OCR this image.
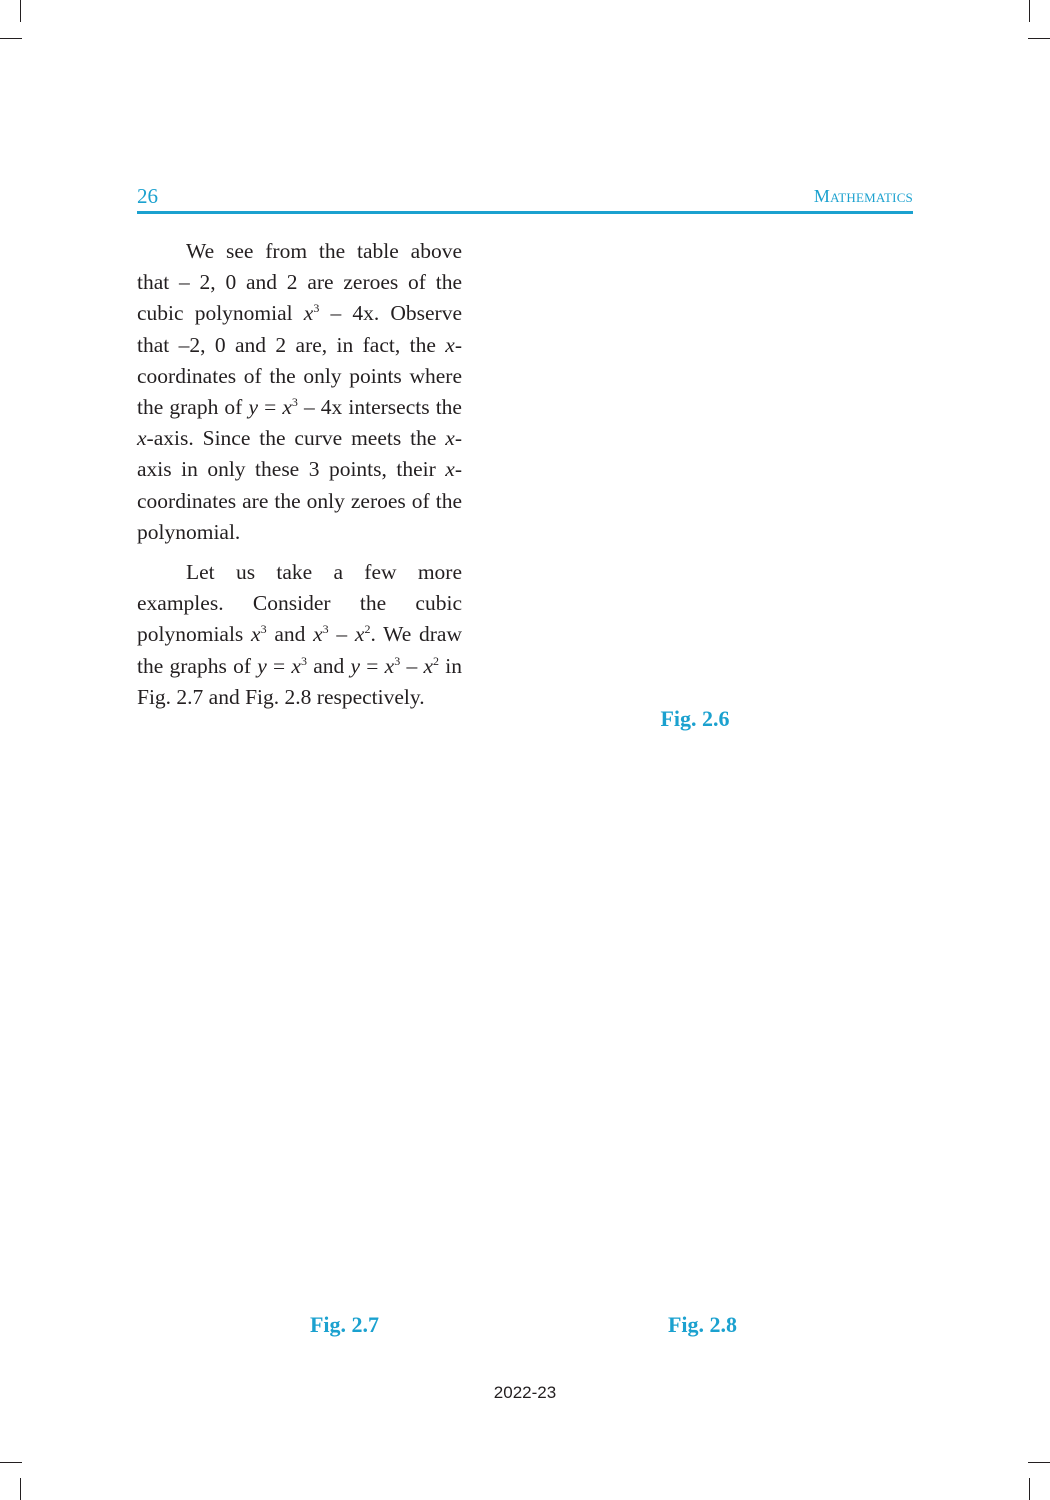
26	Mathematics

We see from the table above that – 2, 0 and 2 are zeroes of the cubic polynomial $x^3 - 4x$. Observe that –2, 0 and 2 are, in fact, the x-coordinates of the only points where the graph of $y = x^3 - 4x$ intersects the x-axis. Since the curve meets the x-axis in only these 3 points, their x-coordinates are the only zeroes of the polynomial.

Let us take a few more examples. Consider the cubic polynomials $x^3$ and $x^3 - x^2$. We draw the graphs of $y = x^3$ and $y = x^3 - x^2$ in Fig. 2.7 and Fig. 2.8 respectively.

Fig. 2.6
Fig. 2.7	Fig. 2.8
2022-23
